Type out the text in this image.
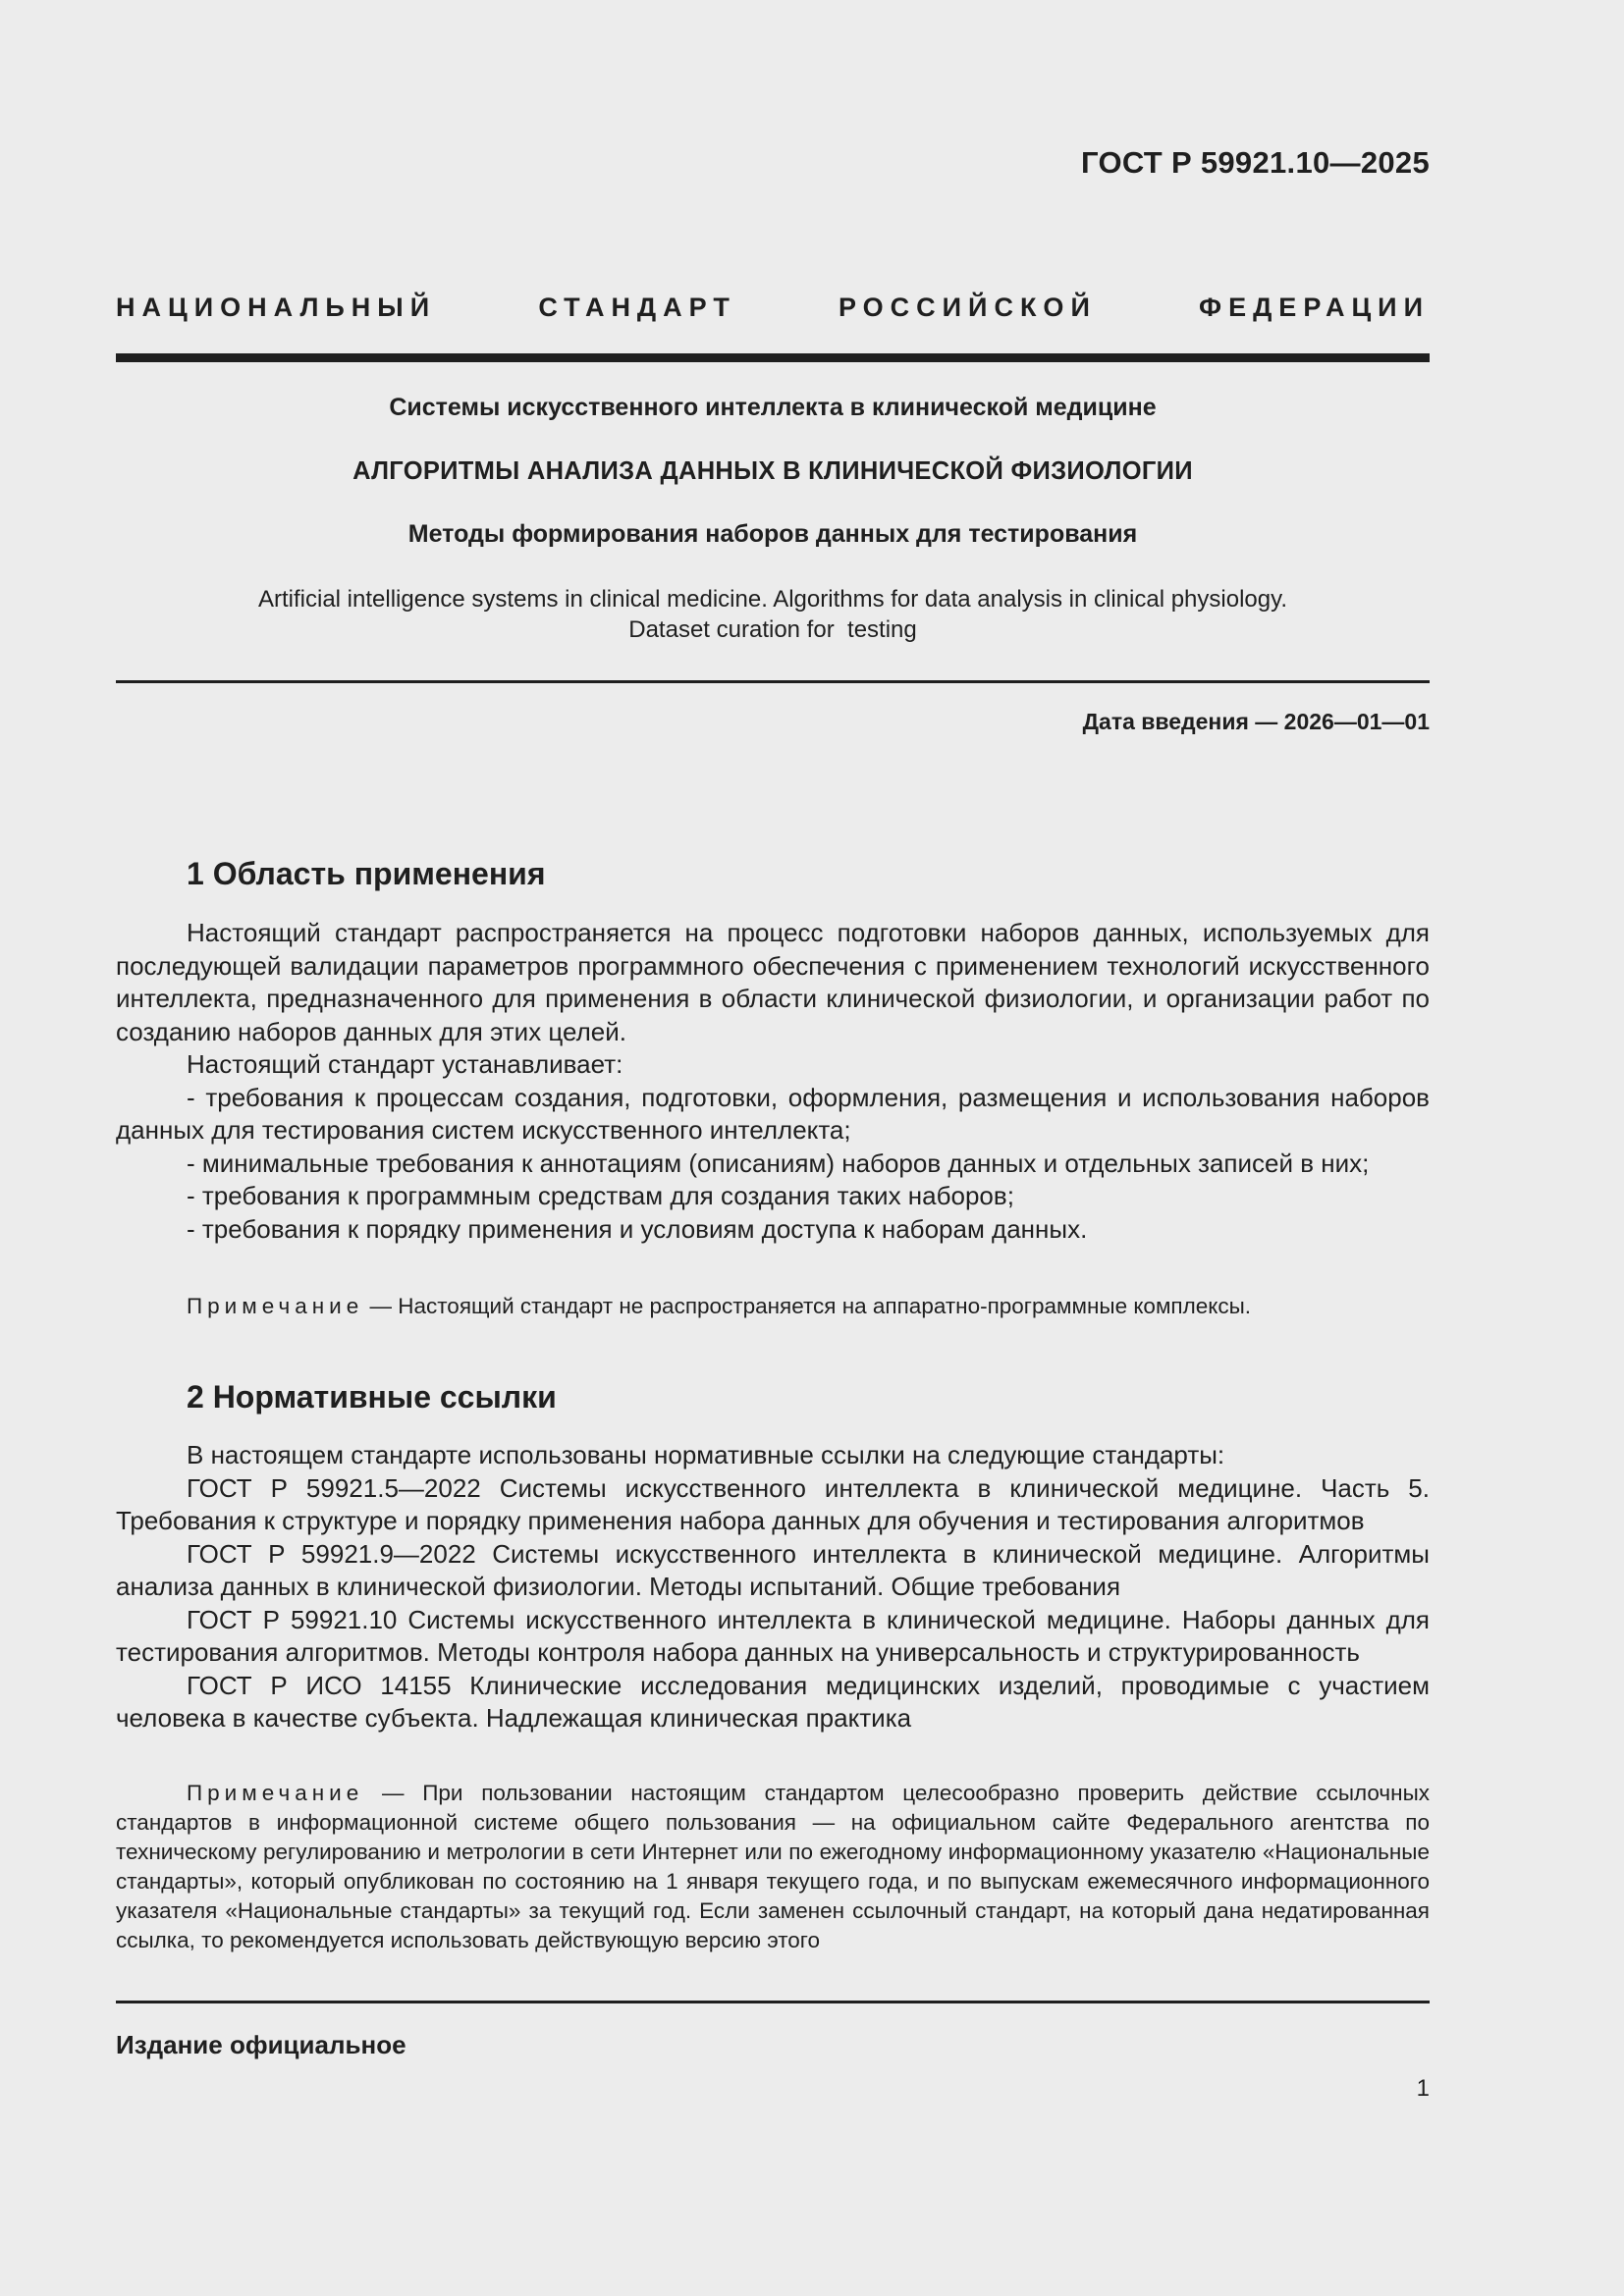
ГОСТ Р 59921.10—2025
НАЦИОНАЛЬНЫЙ СТАНДАРТ РОССИЙСКОЙ ФЕДЕРАЦИИ
Системы искусственного интеллекта в клинической медицине
АЛГОРИТМЫ АНАЛИЗА ДАННЫХ В КЛИНИЧЕСКОЙ ФИЗИОЛОГИИ
Методы формирования наборов данных для тестирования
Artificial intelligence systems in clinical medicine. Algorithms for data analysis in clinical physiology.
Dataset curation for  testing
Дата введения — 2026—01—01
1 Область применения

Настоящий стандарт распространяется на процесс подготовки наборов данных, используемых для последующей валидации параметров программного обеспечения с применением технологий искусственного интеллекта, предназначенного для применения в области клинической физиологии, и организации работ по созданию наборов данных для этих целей.

Настоящий стандарт устанавливает:

- требования к процессам создания, подготовки, оформления, размещения и использования наборов данных для тестирования систем искусственного интеллекта;

- минимальные требования к аннотациям (описаниям) наборов данных и отдельных записей в них;

- требования к программным средствам для создания таких наборов;

- требования к порядку применения и условиям доступа к наборам данных.

Примечание — Настоящий стандарт не распространяется на аппаратно-программные комплексы.

2 Нормативные ссылки

В настоящем стандарте использованы нормативные ссылки на следующие стандарты:

ГОСТ Р 59921.5—2022 Системы искусственного интеллекта в клинической медицине. Часть 5. Требования к структуре и порядку применения набора данных для обучения и тестирования алгоритмов

ГОСТ Р 59921.9—2022 Системы искусственного интеллекта в клинической медицине. Алгоритмы анализа данных в клинической физиологии. Методы испытаний. Общие требования

ГОСТ Р 59921.10 Системы искусственного интеллекта в клинической медицине. Наборы данных для тестирования алгоритмов. Методы контроля набора данных на универсальность и структурированность

ГОСТ Р ИСО 14155 Клинические исследования медицинских изделий, проводимые с участием человека в качестве субъекта. Надлежащая клиническая практика

Примечание — При пользовании настоящим стандартом целесообразно проверить действие ссылочных стандартов в информационной системе общего пользования — на официальном сайте Федерального агентства по техническому регулированию и метрологии в сети Интернет или по ежегодному информационному указателю «Национальные стандарты», который опубликован по состоянию на 1 января текущего года, и по выпускам ежемесячного информационного указателя «Национальные стандарты» за текущий год. Если заменен ссылочный стандарт, на который дана недатированная ссылка, то рекомендуется использовать действующую версию этого

Издание официальное
1
